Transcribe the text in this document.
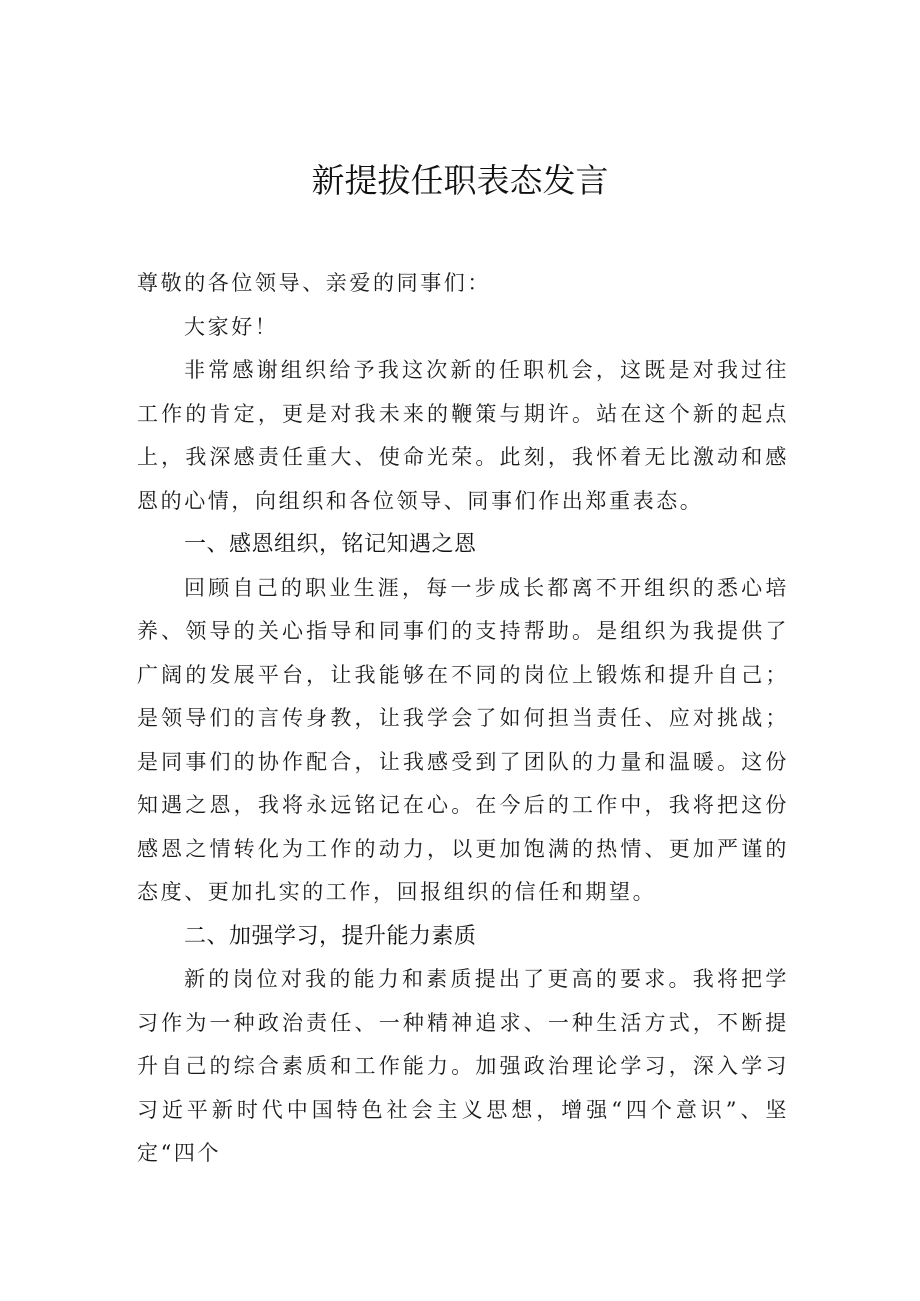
新提拔任职表态发言

尊敬的各位领导、亲爱的同事们：

大家好！

非常感谢组织给予我这次新的任职机会，这既是对我过往工作的肯定，更是对我未来的鞭策与期许。站在这个新的起点上，我深感责任重大、使命光荣。此刻，我怀着无比激动和感恩的心情，向组织和各位领导、同事们作出郑重表态。

一、感恩组织，铭记知遇之恩

回顾自己的职业生涯，每一步成长都离不开组织的悉心培养、领导的关心指导和同事们的支持帮助。是组织为我提供了广阔的发展平台，让我能够在不同的岗位上锻炼和提升自己；是领导们的言传身教，让我学会了如何担当责任、应对挑战；是同事们的协作配合，让我感受到了团队的力量和温暖。这份知遇之恩，我将永远铭记在心。在今后的工作中，我将把这份感恩之情转化为工作的动力，以更加饱满的热情、更加严谨的态度、更加扎实的工作，回报组织的信任和期望。

二、加强学习，提升能力素质

新的岗位对我的能力和素质提出了更高的要求。我将把学习作为一种政治责任、一种精神追求、一种生活方式，不断提升自己的综合素质和工作能力。加强政治理论学习，深入学习习近平新时代中国特色社会主义思想，增强“四个意识”、坚定“四个
